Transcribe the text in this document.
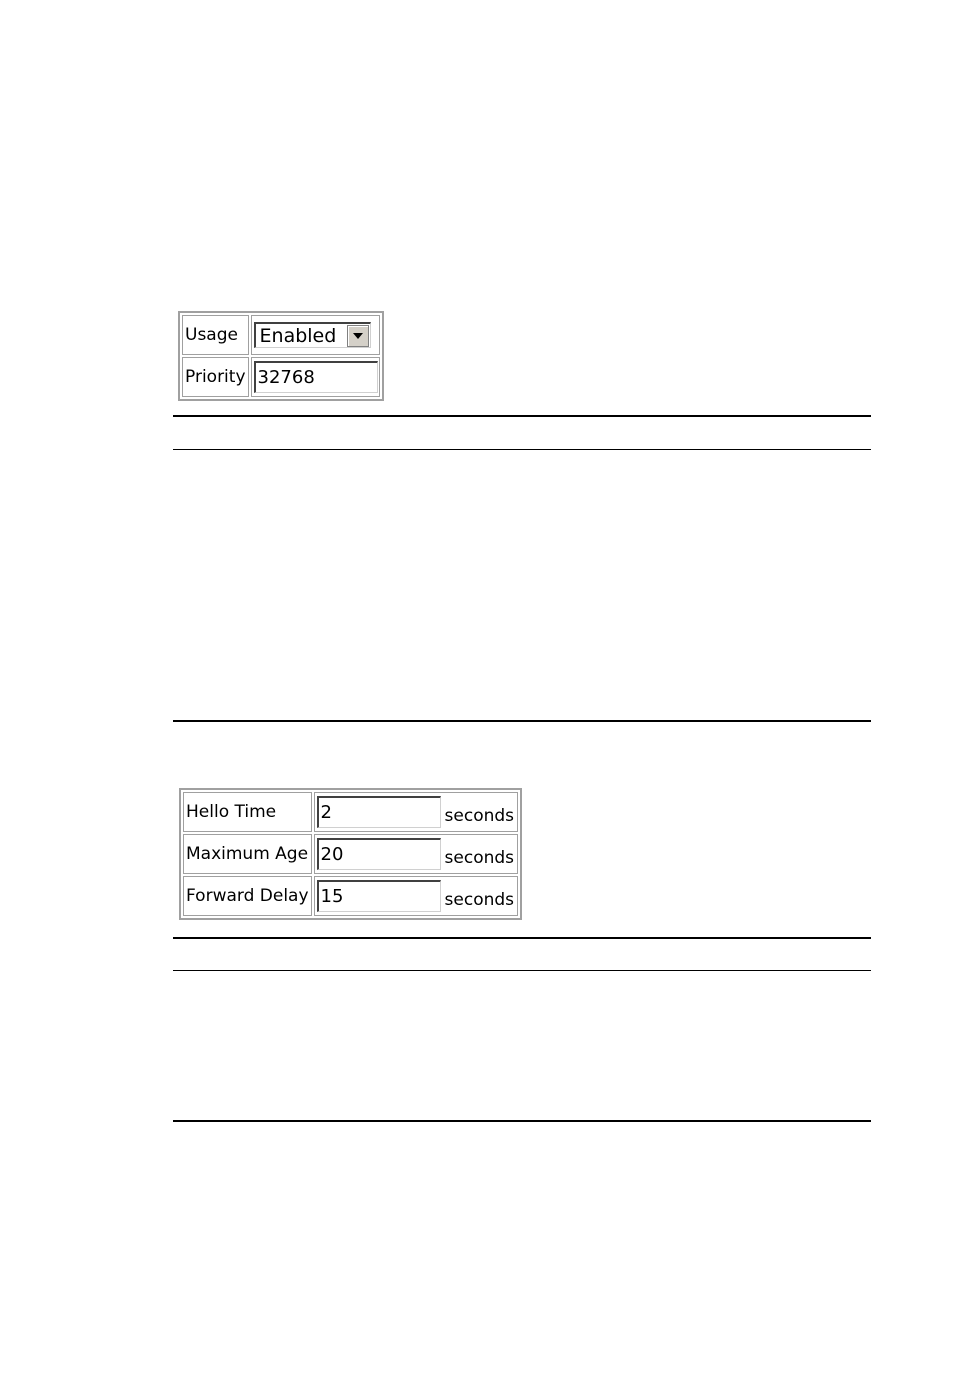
Usage	Enabled

Priority	32768
Hello Time	2 seconds
Maximum Age	20 seconds
Forward Delay	15 seconds
